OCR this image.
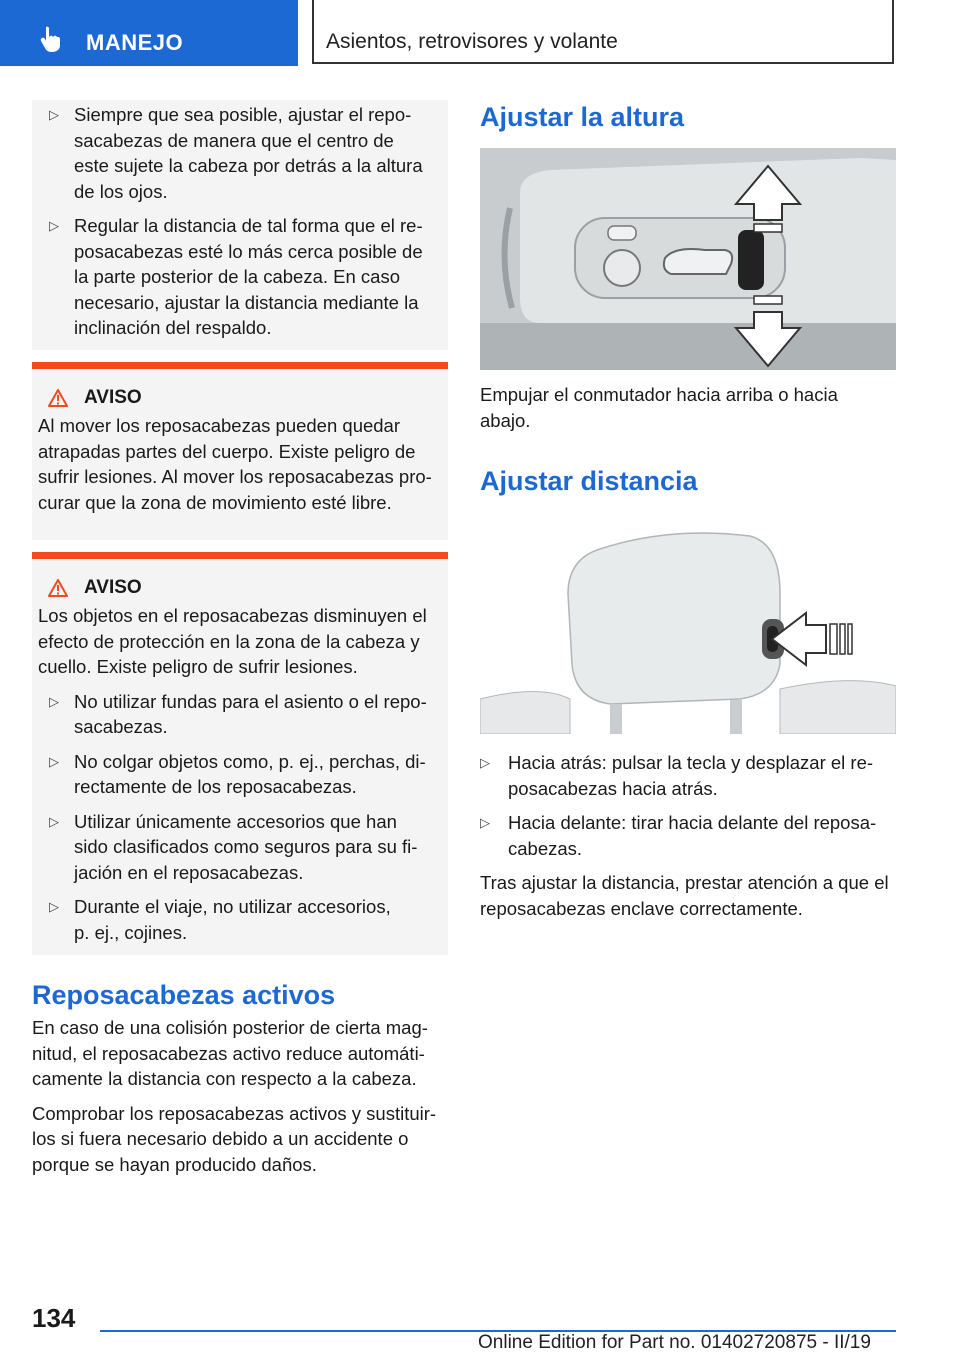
MANEJO	Asientos, retrovisores y volante
▷ Siempre que sea posible, ajustar el repo-
sacabezas de manera que el centro de
este sujete la cabeza por detrás a la altura
de los ojos.
▷ Regular la distancia de tal forma que el re-
posacabezas esté lo más cerca posible de
la parte posterior de la cabeza. En caso
necesario, ajustar la distancia mediante la
inclinación del respaldo.
AVISO
Al mover los reposacabezas pueden quedar
atrapadas partes del cuerpo. Existe peligro de
sufrir lesiones. Al mover los reposacabezas pro-
curar que la zona de movimiento esté libre.
AVISO
Los objetos en el reposacabezas disminuyen el
efecto de protección en la zona de la cabeza y
cuello. Existe peligro de sufrir lesiones.
▷ No utilizar fundas para el asiento o el repo-
sacabezas.
▷ No colgar objetos como, p. ej., perchas, di-
rectamente de los reposacabezas.
▷ Utilizar únicamente accesorios que han
sido clasificados como seguros para su fi-
jación en el reposacabezas.
▷ Durante el viaje, no utilizar accesorios,
p. ej., cojines.
Reposacabezas activos
En caso de una colisión posterior de cierta mag-
nitud, el reposacabezas activo reduce automáti-
camente la distancia con respecto a la cabeza.
Comprobar los reposacabezas activos y sustituir-
los si fuera necesario debido a un accidente o
porque se hayan producido daños.
Ajustar la altura
Empujar el conmutador hacia arriba o hacia
abajo.
Ajustar distancia
▷ Hacia atrás: pulsar la tecla y desplazar el re-
posacabezas hacia atrás.
▷ Hacia delante: tirar hacia delante del reposa-
cabezas.
Tras ajustar la distancia, prestar atención a que el
reposacabezas enclave correctamente.
134
Online Edition for Part no. 01402720875 - II/19
